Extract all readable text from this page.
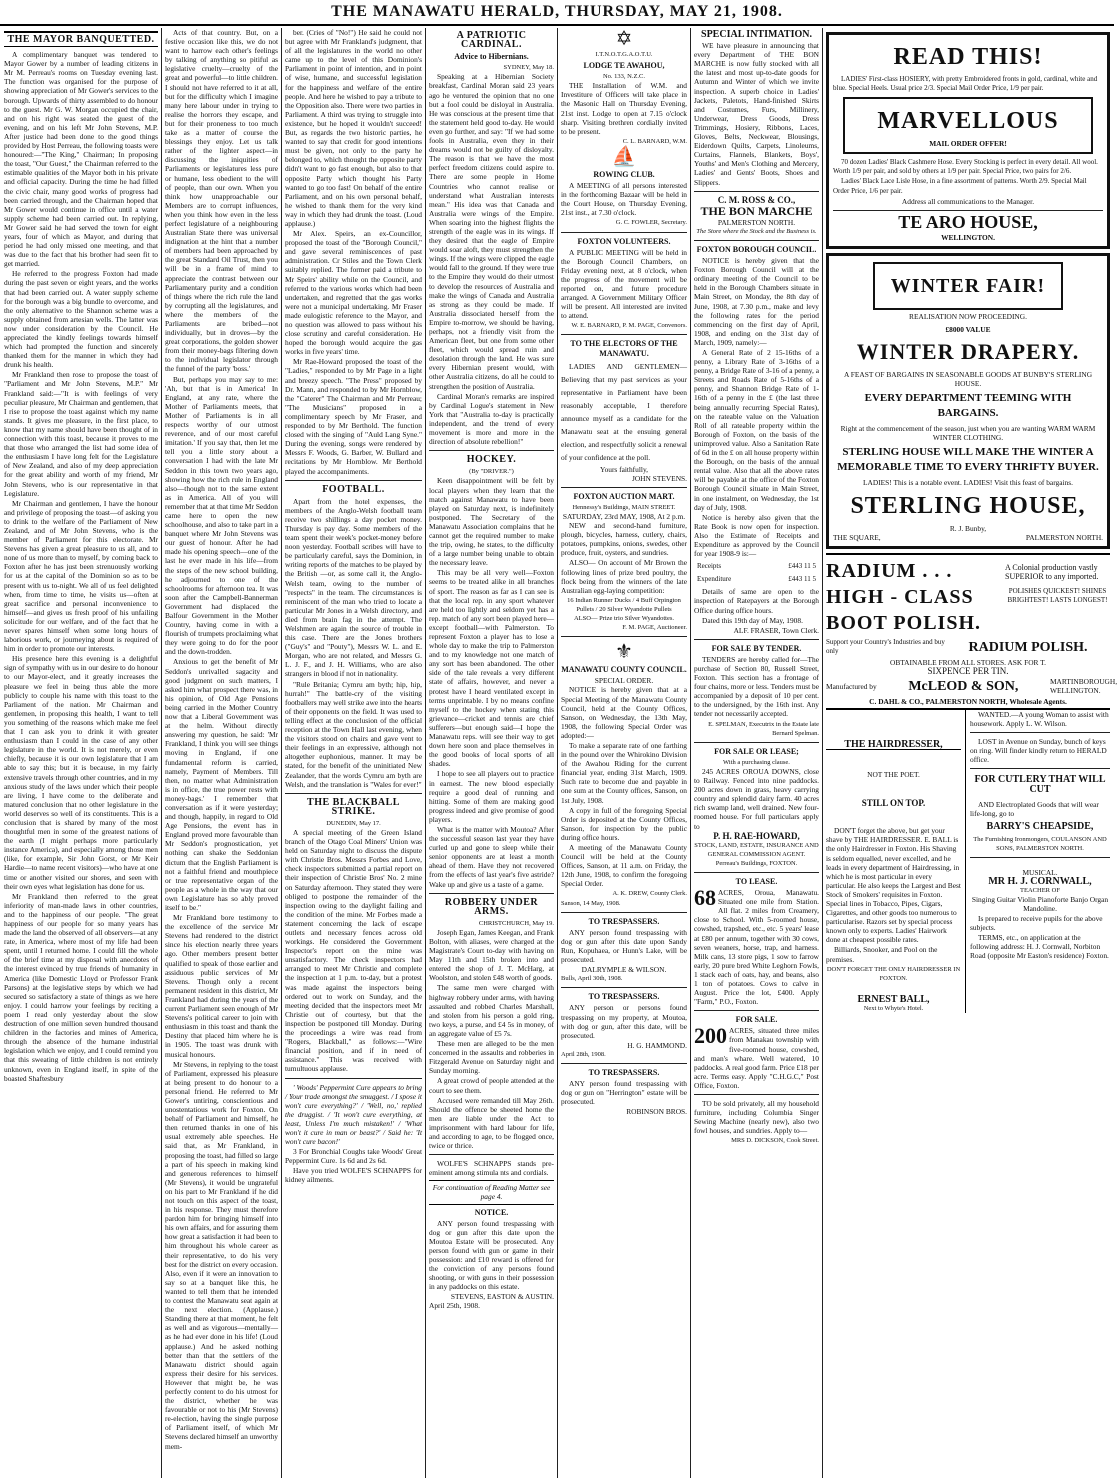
THE MANAWATU HERALD, THURSDAY, MAY 21, 1908.
THE MAYOR BANQUETTED.

A complimentary banquet was tendered to Mayor Gower by a number of leading citizens in Mr M. Perreau's rooms on Tuesday evening last. The function was organised for the purpose of showing appreciation of Mr Gower's services to the borough. Upwards of thirty assembled to do honour to the guest. Mr G. W. Morgan occupied the chair, and on his right was seated the guest of the evening, and on his left Mr John Stevens, M.P. After justice had been done to the good things provided by Host Perreau, the following toasts were honoured:—"The King," Chairman; In proposing the toast, "Our Guest," the Chairman referred to the estimable qualities of the Mayor both in his private and official capacity. During the time he had filled the civic chair, many good works of progress had been carried through, and the Chairman hoped that Mr Gower would continue in office until a water supply scheme had been carried out. In replying, Mr Gower said he had served the town for eight years, four of which as Mayor, and during that period he had only missed one meeting, and that was due to the fact that his brother had seen fit to get married.

He referred to the progress Foxton had made during the past seven or eight years, and the works that had been carried out. A water supply scheme for the borough was a big bundle to overcome, and the only alternative to the Shannon scheme was a supply obtained from artesian wells. The latter was now under consideration by the Council. He appreciated the kindly feelings towards himself which had prompted the function and sincerely thanked them for the manner in which they had drunk his health.

Mr Frankland then rose to propose the toast of "Parliament and Mr John Stevens, M.P." Mr Frankland said:—"It is with feelings of very peculiar pleasure, Mr Chairman and gentlemen, that I rise to propose the toast against which my name stands. It gives me pleasure, in the first place, to know that my name should have been thought of in connection with this toast, because it proves to me that those who arranged the list had some idea of the enthusiasm I have long felt for the Legislature of New Zealand, and also of my deep appreciation for the great ability and worth of my friend, Mr John Stevens, who is our representative in that Legislature.

Mr Chairman and gentlemen, I have the honour and privilege of proposing the toast—of asking you to drink to the welfare of the Parliament of New Zealand, and of Mr John Stevens, who is the member of Parliament for this electorate. Mr Stevens has given a great pleasure to us all, and to none of us more than to myself, by coming back to Foxton after he has just been strenuously working for us at the capital of the Dominion so as to be present with us to-night. We all of us feel delighted when, from time to time, he visits us—often at great sacrifice and personal inconvenience to himself—and gives us fresh proof of his unfailing solicitude for our welfare, and of the fact that he never spares himself when some long hours of laborious work, or journeying about is required of him in order to promote our interests.

His presence here this evening is a delightful sign of sympathy with us in our desire to do honour to our Mayor-elect, and it greatly increases the pleasure we feel in being thus able the more publicly to couple his name with this toast to the Parliament of the nation. Mr Chairman and gentlemen, in proposing this health, I want to tell you something of the reasons which make me feel that I can ask you to drink it with greater enthusiasm than I could in the case of any other legislature in the world. It is not merely, or even chiefly, because it is our own legislature that I am able to say this; but it is because, in my fairly extensive travels through other countries, and in my anxious study of the laws under which their people are living, I have come to the deliberate and matured conclusion that no other legislature in the world deserves so well of its constituents. This is a conclusion that is shared by many of the most thoughtful men in some of the greatest nations of the earth (I might perhaps more particularly instance America), and especially among those men (like, for example, Sir John Gorst, or Mr Keir Hardie—to name recent visitors)—who have at one time or another visited our shores, and seen with their own eyes what legislation has done for us.

Mr Frankland then referred to the great inferiority of man-made laws in other countries, and to the happiness of our people. "The great happiness of our people for so many years has made the land the observed of all observers—at any rate, in America, where most of my life had been spent, until I returned home. I could fill the whole of the brief time at my disposal with anecdotes of the interest evinced by true friends of humanity in America (like Domestic Lloyd or Professor Frank Parsons) at the legislative steps by which we had secured so satisfactory a state of things as we here enjoy. I could harrow your feelings by reciting a poem I read only yesterday about the slow destruction of one million seven hundred thousand children in the factories and mines of America, through the absence of the humane industrial legislation which we enjoy, and I could remind you that this sweating of little children is not entirely unknown, even in England itself, in spite of the boasted Shaftesbury

Acts of that country. But, on a festive occasion like this, we do not want to harrow each other's feelings by talking of anything so pitiful as legislative cruelty—cruelty of the great and powerful—to little children. I should not have referred to it at all, but for the difficulty which I imagine many here labour under in trying to realise the horrors they escape, and but for their proneness to too much take as a matter of course the blessings they enjoy. Let us talk rather of the lighter aspect—in discussing the iniquities of Parliaments or legislatures less pure or humane, less obedient to the will of people, than our own. When you think how unapproachable our Members are to corrupt influences, when you think how even in the less perfect legislature of a neighbouring Australian State there was universal indignation at the hint that a number of members had been approached by the great Standard Oil Trust, then you will be in a frame of mind to appreciate the contrast between our Parliamentary purity and a condition of things where the rich rule the land by corrupting all the legislatures, and where the members of the Parliaments are bribed—not individually, but in droves—by the great corporations, the golden shower from their money-bags filtering down to the individual legislator through the funnel of the party 'boss.'

But, perhaps you may say to me: 'Ah, but that is in America! In England, at any rate, where the Mother of Parliaments meets, that Mother of Parliaments is in all respects worthy of our utmost reverence, and of our most careful imitation.' If you say that, then let me tell you a little story about a conversation I had with the late Mr Seddon in this town two years ago, showing how the rich rule in England also—though not to the same extent as in America. All of you will remember that at that time Mr Seddon came here to open the new schoolhouse, and also to take part in a banquet where Mr John Stevens was our guest of honour. After he had made his opening speech—one of the last he ever made in his life—from the steps of the new school building, he adjourned to one of the schoolrooms for afternoon tea. It was soon after the Campbell-Bannerman Government had displaced the Balfour Government in the Mother Country, having come in with a flourish of trumpets proclaiming what they were going to do for the poor and the down-trodden.

Anxious to get the benefit of Mr Seddon's unrivalled sagacity and good judgment on such matters, I asked him what prospect there was, in his opinion, of Old Age Pensions being carried in the Mother Country now that a Liberal Government was at the helm. Without directly answering my question, he said: 'Mr Frankland, I think you will see things moving in England, if one fundamental reform is carried, namely, Payment of Members. Till then, no matter what Administration is in office, the true power rests with money-bags.' I remember that conversation as if it were yesterday; and though, happily, in regard to Old Age Pensions, the event has in England proved more favourable than Mr Seddon's prognostication, yet nothing can shake the Seddonian dictum that the English Parliament is not a faithful friend and mouthpiece or true representative organ of the people as a whole in the way that our own Legislature has so ably proved itself to be."

Mr Frankland bore testimony to the excellence of the service Mr Stevens had rendered to the district since his election nearly three years ago. Other members present better qualified to speak of those earlier and assiduous public services of Mr Stevens. Though only a recent permanent resident in this district, Mr Frankland had during the years of the current Parliament seen enough of Mr Stevens's political career to join with enthusiasm in this toast and thank the Destiny that placed him where he is in 1905. The toast was drunk with musical honours.

Mr Stevens, in replying to the toast of Parliament, expressed his pleasure at being present to do honour to a personal friend. He referred to Mr Gower's untiring, conscientious and unostentatious work for Foxton. On behalf of Parliament and himself, he then returned thanks in one of his usual extremely able speeches. He said that, as Mr Frankland, in proposing the toast, had filled so large a part of his speech in making kind and generous references to himself (Mr Stevens), it would be ungrateful on his part to Mr Frankland if he did not touch on this aspect of the toast, in his response. They must therefore pardon him for bringing himself into his own affairs, and for assuring them how great a satisfaction it had been to him throughout his whole career as their representative, to do his very best for the district on every occasion. Also, even if it were an innovation to say so at a banquet like this, he wanted to tell them that he intended to contest the Manawatu seat again at the next election. (Applause.) Standing there at that moment, he felt as well and as vigorous—mentally—as he had ever done in his life! (Loud applause.) And he asked nothing better than that the settlers of the Manawatu district should again express their desire for his services. However that might be, he was perfectly content to do his utmost for the district, whether he was favourable or not to his (Mr Stevens) re-election, having the single purpose of Parliament itself, of which Mr Stevens declared himself an unworthy mem-

ber. (Cries of "No!") He said he could not but agree with Mr Frankland's judgment, that of all the legislatures in the world no other came up to the level of this Dominion's Parliament in point of intention, and in point of wise, humane, and successful legislation for the happiness and welfare of the entire people. And here he wished to pay a tribute to the Opposition also. There were two parties in Parliament. A third was trying to struggle into existence, but he hoped it wouldn't succeed! But, as regards the two historic parties, he wanted to say that credit for good intentions must be given, not only to the party he belonged to, which thought the opposite party didn't want to go fast enough, but also to that opposite Party which thought his Party wanted to go too fast! On behalf of the entire Parliament, and on his own personal behalf, he wished to thank them for the very kind way in which they had drunk the toast. (Loud applause.)

Mr Alex. Speirs, an ex-Councillor, proposed the toast of the "Borough Council," and gave several reminiscences of past administration. Cr Stiles and the Town Clerk suitably replied. The former paid a tribute to Mr Speirs' ability while on the Council, and referred to the various works which had been undertaken, and regretted that the gas works were not a municipal undertaking. Mr Fraser made eulogistic reference to the Mayor, and no question was allowed to pass without his close scrutiny and careful consideration. He hoped the borough would acquire the gas works in five years' time.

Mr Rae-Howard proposed the toast of the "Ladies," responded to by Mr Page in a light and breezy speech. "The Press" proposed by Dr. Mann, and responded to by Mr Hornblow, the "Caterer" The Chairman and Mr Perreau; "The Musicians" proposed in a complimentary speech by Mr Fraser, and responded to by Mr Berthold. The function closed with the singing of "Auld Lang Syne." During the evening, songs were rendered by Messrs F. Woods, G. Barber, W. Bullard and recitations by Mr Hornblow. Mr Berthold played the accompaniments.

FOOTBALL.

Apart from the hotel expenses, the members of the Anglo-Welsh football team receive two shillings a day pocket money. Thursday is pay day. Some members of the team spent their week's pocket-money before noon yesterday. Football scribes will have to be particularly careful, says the Dominion, in writing reports of the matches to be played by the British —or, as some call it, the Anglo-Welsh team, owing to the number of "respects" in the team. The circumstances is reminiscent of the man who tried to locate a particular Mr Jones in a Welsh directory, and died from brain fag in the attempt. The Welshmen are again the source of trouble in this case. There are the Jones brothers ("Guy's" and "Pouty"), Messrs W. L. and E. Morgan, who are not related, and Messrs G. L. J. F., and J. H. Williams, who are also strangers in blood if not in nationality.

"Rule Britania; Cymru am byth; hip, hip, hurrah!" The battle-cry of the visiting footballers may well strike awe into the hearts of their opponents on the field. It was used to telling effect at the conclusion of the official reception at the Town Hall last evening, when the visitors stood on chairs and gave vent to their feelings in an expressive, although not altogether euphonious, manner. It may be stated, for the benefit of the uninitiated New Zealander, that the words Cymru am byth are Welsh, and the translation is "Wales for ever!"

THE BLACKBALL STRIKE.
DUNEDIN, May 17.

A special meeting of the Green Island branch of the Otago Coal Miners' Union was held on Saturday night to discuss the dispute with Christie Bros. Messrs Forbes and Love, check inspectors submitted a partial report on their inspection of Christie Bros' No. 2 mine on Saturday afternoon. They stated they were obliged to postpone the remainder of the inspection owing to the daylight failing and the condition of the mine. Mr Forbes made a statement concerning the lack of escape outlets and necessary fences across old workings. He considered the Government Inspector's report on the mine was unsatisfactory. The check inspectors had arranged to meet Mr Christie and complete the inspection at 1 p.m. to-day, but a protest was made against the inspectors being ordered out to work on Sunday, and the meeting decided that the inspectors meet Mr Christie out of courtesy, but that the inspection be postponed till Monday. During the proceedings a wire was read from "Rogers, Blackball," as follows:—"Wire financial position, and if in need of assistance." This was received with tumultuous applause.

' Woods' Peppermint Cure appears to bring / Your trade amongst the smuggest. / I spose it won't cure everything?' / 'Well, no,' replied the druggist. / 'It won't cure everything, at least, Unless I'm much mistaken!' / 'What won't it cure in man or beast?' / Said he: 'It won't cure bacon!'

3 For Bronchial Coughs take Woods' Great Peppermint Cure. 1s 6d and 2s 6d.

Have you tried WOLFE'S SCHNAPPS for kidney ailments.

A PATRIOTIC CARDINAL.
Advice to Hibernians.
SYDNEY, May 18.

Speaking at a Hibernian Society breakfast, Cardinal Moran said 23 years ago he ventured the opinion that no one but a fool could be disloyal in Australia. He was conscious at the present time that the statement held good to-day. He would even go further, and say: "If we had some fools in Australia, even they in their dreams would not be guilty of disloyalty. The reason is that we have the most perfect freedom citizens could aspire to. There are some people in Home Countries who cannot realise or understand what Australian interests mean." His idea was that Canada and Australia were wings of the Empire. When soaring into the highest flights the strength of the eagle was in its wings. If they desired that the eagle of Empire would soar aloft, they must strengthen the wings. If the wings were clipped the eagle would fall to the ground. If they were true to the Empire they would do their utmost to develop the resources of Australia and make the wings of Canada and Australia as strong as they could be made. If Australia dissociated herself from the Empire to-morrow, we should be having, perhaps, not a friendly visit from the American fleet, but one from some other fleet, which would spread ruin and desolation through the land. He was sure every Hibernian present would, with other Australia citizens, do all he could to strengthen the position of Australia.

Cardinal Moran's remarks are inspired by Cardinal Logue's statement in New York that "Australia to-day is practically independent, and the trend of every movement is more and more in the direction of absolute rebellion!"

HOCKEY.
(By "DRIVER.")

Keen disappointment will be felt by local players when they learn that the match against Manawatu to have been played on Saturday next, is indefinitely postponed. The Secretary of the Manawatu Association complains that he cannot get the required number to make the trip, owing, he states, to the difficulty of a large number being unable to obtain the necessary leave.

This may be all very well—Foxton seems to be treated alike in all branches of sport. The reason as far as I can see is that the local rep. in any sport whatever are held too lightly and seldom yet has a rep. match of any sort been played here—except football—with Palmerston. To represent Foxton a player has to lose a whole day to make the trip to Palmerston and to my knowledge not one match of any sort has been abandoned. The other side of the tale reveals a very different state of affairs, however, and never a protest have I heard ventilated except in terms unprintable. I by no means confine myself to the hockey when stating this grievance—cricket and tennis are chief sufferers—but enough said—I hope the Manawatu reps. will see their way to get down here soon and place themselves in the good books of local sports of all shades.

I hope to see all players out to practice in earnest. The new blood especially require a good deal of running and hitting. Some of them are making good progress indeed and give promise of good players.

What is the matter with Moutoa? After the successful season last year they have curled up and gone to sleep while their senior opponents are at least a month ahead of them. Have they not recovered from the effects of last year's five astride? Wake up and give us a taste of a game.

ROBBERY UNDER ARMS.
CHRISTCHURCH, May 19.

Joseph Egan, James Keegan, and Frank Bolton, with aliases, were charged at the Magistrate's Court to-day with having on May 11th and 15th broken into and entered the shop of J. T. McHarg, at Woolston, and stolen £48 worth of goods.

The same men were charged with highway robbery under arms, with having assaulted and robbed Charles Marshall, and stolen from his person a gold ring, two keys, a purse, and £4 5s in money, of an aggregate value of £5 7s.

These men are alleged to be the men concerned in the assaults and robberies in Fitzgerald Avenue on Saturday night and Sunday morning.

A great crowd of people attended at the court to see them.

Accused were remanded till May 26th. Should the offence be sheeted home the men are liable under the Act to imprisonment with hard labour for life, and according to age, to be flogged once, twice or thrice.

WOLFE'S SCHNAPPS stands pre-eminent among stimula nts and cordials.

For continuation of Reading Matter see page 4.
NOTICE.

ANY person found trespassing with dog or gun after this date upon the Moutoa Estate will be prosecuted. Any person found with gun or game in their possession: and £10 reward is offered for the conviction of any persons found shooting, or with guns in their possession in any paddocks on this estate.

STEVENS, EASTON & AUSTIN.
April 25th, 1908.
✡
I.T.N.O.T.G.A.O.T.U.
LODGE TE AWAHOU,
No. 133, N.Z.C.

THE Installation of W.M. and Investiture of Officers will take place in the Masonic Hall on Thursday Evening, 21st inst. Lodge to open at 7.15 o'clock sharp. Visiting brethren cordially invited to be present.

C. L. BARNARD, W.M.
⛵
ROWING CLUB.

A MEETING of all persons interested in the forthcoming Bazaar will be held in the Court House, on Thursday Evening, 21st inst., at 7.30 o'clock.

G. C. FOWLER, Secretary.
FOXTON VOLUNTEERS.

A PUBLIC MEETING will be held in the Borough Council Chambers, on Friday evening next, at 8 o'clock, when the progress of the movement will be reported on, and future procedure arranged. A Government Military Officer will be present. All interested are invited to attend.

W. E. BARNARD, P. M. PAGE, Convenors.
TO THE ELECTORS OF THE MANAWATU.

LADIES AND GENTLEMEN—Believing that my past services as your representative in Parliament have been reasonably acceptable, I therefore announce myself as a candidate for the Manawatu seat at the ensuing general election, and respectfully solicit a renewal of your confidence at the poll.

Yours faithfully,
JOHN STEVENS.
FOXTON AUCTION MART.
Hennessy's Buildings, MAIN STREET.
SATURDAY, 23rd MAY, 1908, At 2 p.m.

NEW and second-hand furniture, plough, bicycles, harness, cutlery, chairs, potatoes, pumpkins, onions, swedes, other produce, fruit, oysters, and sundries.

ALSO— On account of Mr Brown the following lines of prize bred poultry, the flock being from the winners of the late Australian egg-laying competition:

16 Indian Runner Ducks / 4 Buff Orpington Pullets / 20 Silver Wyandotte Pullets
ALSO— Prize trio Silver Wyandottes.
F. M. PAGE, Auctioneer.
⚜
MANAWATU COUNTY COUNCIL.
SPECIAL ORDER.

NOTICE is hereby given that at a Special Meeting of the Manawatu County Council, held at the County Offices, Sanson, on Wednesday, the 13th May, 1908, the following Special Order was adopted:—

To make a separate rate of one farthing in the pound over the Whirokino Division of the Awahou Riding for the current financial year, ending 31st March, 1909. Such rate to become due and payable in one sum at the County offices, Sanson, on 1st July, 1908.

A copy in full of the foregoing Special Order is deposited at the County Offices, Sanson, for inspection by the public during office hours.

A meeting of the Manawatu County Council will be held at the County Offices, Sanson, at 11 a.m. on Friday, the 12th June, 1908, to confirm the foregoing Special Order.

A. K. DREW, County Clerk.
Sanson, 14 May, 1908.
TO TRESPASSERS.

ANY person found trespassing with dog or gun after this date upon Sandy Run, Kopuhaea, or Hunn's Lake, will be prosecuted.

DALRYMPLE & WILSON.
Bulls, April 30th, 1908.
TO TRESPASSERS.

ANY person or persons found trespassing on my property, at Moutoa, with dog or gun, after this date, will be prosecuted.

H. G. HAMMOND.
April 28th, 1908.
TO TRESPASSERS.

ANY person found trespassing with dog or gun on "Herrington" estate will be prosecuted.

ROBINSON BROS.
SPECIAL INTIMATION.

WE have pleasure in announcing that every Department of THE BON MARCHE is now fully stocked with all the latest and most up-to-date goods for Autumn and Winter of which we invite inspection. A superb choice in Ladies' Jackets, Paletots, Hand-finished Skirts and Costumes, Furs, Millinery, Underwear, Dress Goods, Dress Trimmings, Hosiery, Ribbons, Laces, Gloves, Belts, Neckwear, Blousings, Eiderdown Quilts, Carpets, Linoleums, Curtains, Flannels, Blankets, Boys', Youths' and Men's Clothing and Mercery, Ladies' and Gents' Boots, Shoes and Slippers.

C. M. ROSS & CO.,
THE BON MARCHE
PALMERSTON NORTH.
The Store where the Stock and the Business is.
FOXTON BOROUGH COUNCIL.

NOTICE is hereby given that the Foxton Borough Council will at the ordinary meeting of the Council to be held in the Borough Chambers situate in Main Street, on Monday, the 8th day of June, 1908, at 7.30 p.m., make and levy the following rates for the period commencing on the first day of April, 1908, and ending on the 31st day of March, 1909, namely:—

A General Rate of 2 15-16ths of a penny, a Library Rate of 3-16ths of a penny, a Bridge Rate of 3-16 of a penny, a Streets and Roads Rate of 5-16ths of a penny, and Shannon Bridge Rate of 1-16th of a penny in the £ (the last three being annually recurring Special Rates), on the rateable value on the Valuation Roll of all rateable property within the Borough of Foxton, on the basis of the unimproved value. Also a Sanitation Rate of 6d in the £ on all house property within the Borough, on the basis of the annual rental value. Also that all the above rates will be payable at the office of the Foxton Borough Council situate in Main Street, in one instalment, on Wednesday, the 1st day of July, 1908.

Notice is hereby also given that the Rate Book is now open for inspection. Also the Estimate of Receipts and Expenditure as approved by the Council for year 1908-9 is:—

Receipts	£443 11 5
Expenditure	£443 11 5

Details of same are open to the inspection of Ratepayers at the Borough Office during office hours.

Dated this 19th day of May, 1908.

ALF. FRASER, Town Clerk.
FOR SALE BY TENDER.

TENDERS are hereby called for—The purchase of Section 80, Russell Street, Foxton. This section has a frontage of four chains, more or less. Tenders must be accompanied by a deposit of 10 per cent. to the undersigned, by the 16th inst. Any tender not necessarily accepted.

E. SPELMAN, Executrix in the Estate late Bernard Spelman.
FOR SALE OR LEASE;
With a purchasing clause.

245 ACRES OROUA DOWNS, close to Railway. Fenced into nine paddocks. 200 acres down in grass, heavy carrying country and splendid dairy farm. 40 acres rich swamp land, well drained. New four-roomed house. For full particulars apply to

P. H. RAE-HOWARD,
STOCK, LAND, ESTATE, INSURANCE AND GENERAL COMMISSION AGENT.
Perreau's Buildings, FOXTON.
TO LEASE.

68 ACRES, Oroua, Manawatu. Situated one mile from Station. All flat. 2 miles from Creamery, close to School. With 5-roomed house, cowshed, trapshed, etc., etc. 5 years' lease at £80 per annum, together with 30 cows, seven weaners, horse, trap, and harness. Milk cans, 13 store pigs, 1 sow to farrow early, 20 pure bred White Leghorn Fowls, 1 stack each of oats, hay, and beans, also 1 ton of potatoes. Cows to calve in August. Price the lot, £400. Apply "Farm," P.O., Foxton.

FOR SALE.

200 ACRES, situated three miles from Manakau township with five-roomed house, cowshed, and man's whare. Well watered, 10 paddocks. A real good farm. Price £18 per acre. Terms easy. Apply "C.H.G.C," Post Office, Foxton.

TO be sold privately, all my household furniture, including Columbia Singer Sewing Machine (nearly new), also two fowl houses, and sundries. Apply to—

MRS D. DICKSON, Cook Street.
READ THIS!

LADIES' First-class HOSIERY, with pretty Embroidered fronts in gold, cardinal, white and blue. Special Heels. Usual price 2/3. Special Mail Order Price, 1/9 per pair.

MARVELLOUS
MAIL ORDER OFFER!

70 dozen Ladies' Black Cashmere Hose. Every Stocking is perfect in every detail. All wool. Worth 1/9 per pair, and sold by others at 1/9 per pair. Special Price, two pairs for 2/6.

Ladies' Black Lace Lisle Hose, in a fine assortment of patterns. Worth 2/9. Special Mail Order Price, 1/6 per pair.

Address all communications to the Manager.
TE ARO HOUSE,
WELLINGTON.
WINTER FAIR!
REALISATION NOW PROCEEDING.
£8000 VALUE
WINTER DRAPERY.
A FEAST OF BARGAINS IN SEASONABLE GOODS AT BUNBY'S STERLING HOUSE.
EVERY DEPARTMENT TEEMING WITH BARGAINS.
Right at the commencement of the season, just when you are wanting WARM WARM WINTER CLOTHING.
STERLING HOUSE WILL MAKE THE WINTER A MEMORABLE TIME TO EVERY THRIFTY BUYER.
LADIES! This is a notable event. LADIES! Visit this feast of bargains.
STERLING HOUSE,
R. J. Bunby,
THE SQUARE,	PALMERSTON NORTH.
RADIUM . . .
HIGH - CLASS
BOOT POLISH.
A Colonial production vastly SUPERIOR to any imported.
POLISHES QUICKEST! SHINES BRIGHTEST! LASTS LONGEST!
Support your Country's Industries and buy only	RADIUM POLISH.
OBTAINABLE FROM ALL STORES. ASK FOR T.
SIXPENCE PER TIN.
Manufactured by McLEOD & SON,	MARTINBOROUGH, WELLINGTON.
C. DAHL & CO., PALMERSTON NORTH, Wholesale Agents.
THE HAIRDRESSER,
NOT THE POET.
STILL ON TOP.

DON'T forget the above, but get your shave by THE HAIRDRESSER. E. BALL is the only Hairdresser in Foxton. His Shaving is seldom equalled, never excelled, and he leads in every department of Hairdressing, in which he is most particular in every particular. He also keeps the Largest and Best Stock of Smokers' requisites in Foxton. Special lines in Tobacco, Pipes, Cigars, Cigarettes, and other goods too numerous to particularise. Razors set by special process known only to experts. Ladies' Hairwork done at cheapest possible rates.

Billiards, Snooker, and Pool on the premises.

DON'T FORGET THE ONLY HAIRDRESSER IN FOXTON.
ERNEST BALL,
Next to Whyte's Hotel.

WANTED.—A young Woman to assist with housework. Apply L. W. Wilson.

LOST in Avenue on Sunday, bunch of keys on ring. Will finder kindly return to HERALD office.

FOR CUTLERY THAT WILL CUT

AND Electroplated Goods that will wear life-long, go to

BARRY'S CHEAPSIDE,
The Furnishing Ironmongers, COULANSON AND SONS, PALMERSTON NORTH.
MUSICAL.
MR H. J. CORNWALL,
TEACHER OF
Singing Guitar Violin Pianoforte Banjo Organ Mandoline.

Is prepared to receive pupils for the above subjects.

TERMS, etc., on application at the following address: H. J. Cornwall, Norbiton Road (opposite Mr Easton's residence) Foxton.
